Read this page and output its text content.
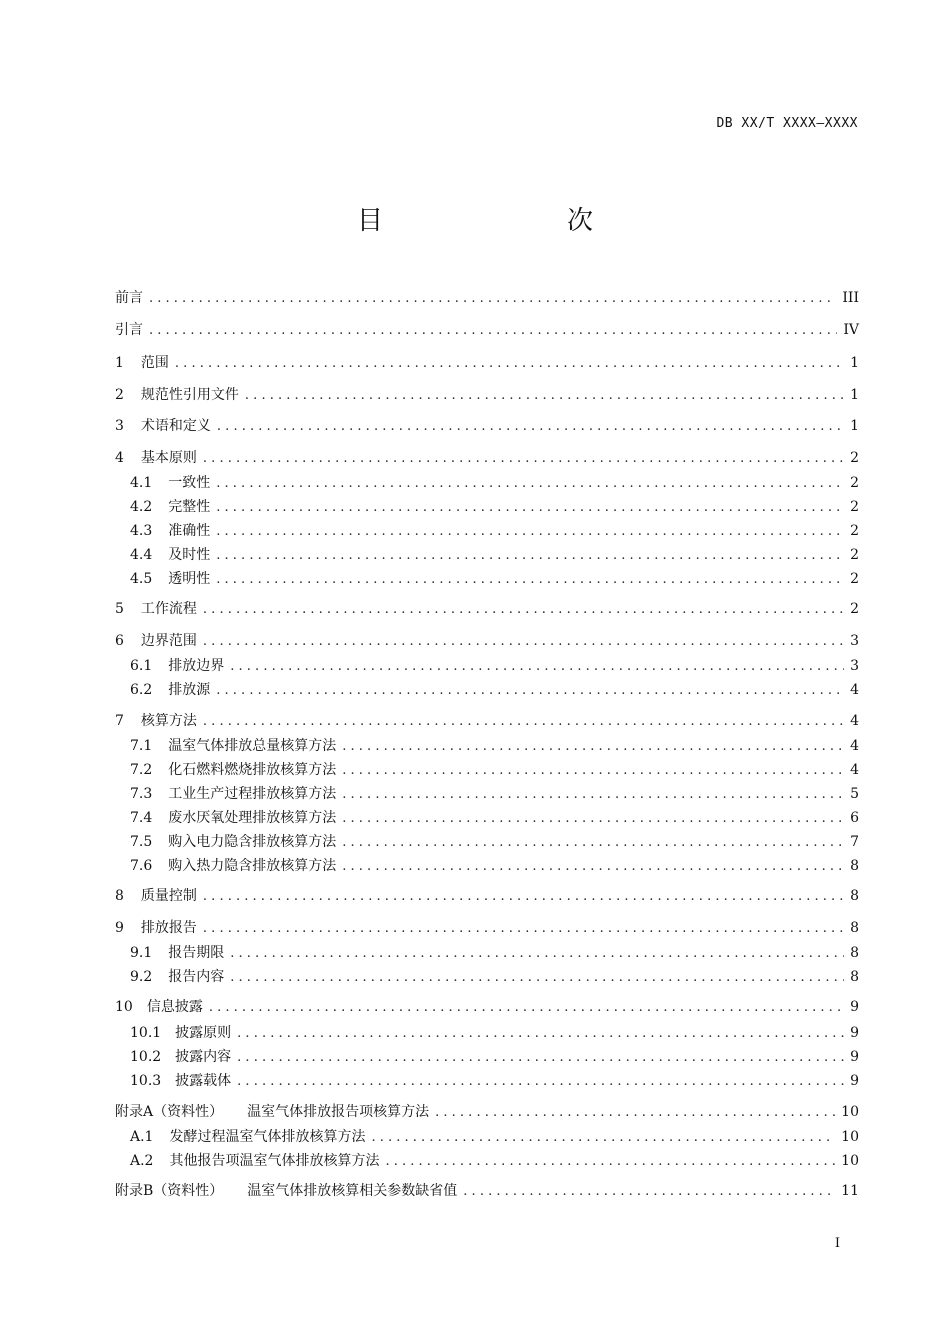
DB XX/T XXXX—XXXX
目　　次
前言 . . .	III
引言 . . .	IV
1 范围 . . .	1
2 规范性引用文件 . . .	1
3 术语和定义 . . .	1
4 基本原则 . . .	2
4.1 一致性 . . .	2
4.2 完整性 . . .	2
4.3 准确性 . . .	2
4.4 及时性 . . .	2
4.5 透明性 . . .	2
5 工作流程 . . .	2
6 边界范围 . . .	3
6.1 排放边界 . . .	3
6.2 排放源 . . .	4
7 核算方法 . . .	4
7.1 温室气体排放总量核算方法 . . .	4
7.2 化石燃料燃烧排放核算方法 . . .	4
7.3 工业生产过程排放核算方法 . . .	5
7.4 废水厌氧处理排放核算方法 . . .	6
7.5 购入电力隐含排放核算方法 . . .	7
7.6 购入热力隐含排放核算方法 . . .	8
8 质量控制 . . .	8
9 排放报告 . . .	8
9.1 报告期限 . . .	8
9.2 报告内容 . . .	8
10 信息披露 . . .	9
10.1 披露原则 . . .	9
10.2 披露内容 . . .	9
10.3 披露载体 . . .	9
附录A（资料性） 温室气体排放报告项核算方法 . . .	10
A.1 发酵过程温室气体排放核算方法 . . .	10
A.2 其他报告项温室气体排放核算方法 . . .	10
附录B（资料性） 温室气体排放核算相关参数缺省值 . . .	11
I
